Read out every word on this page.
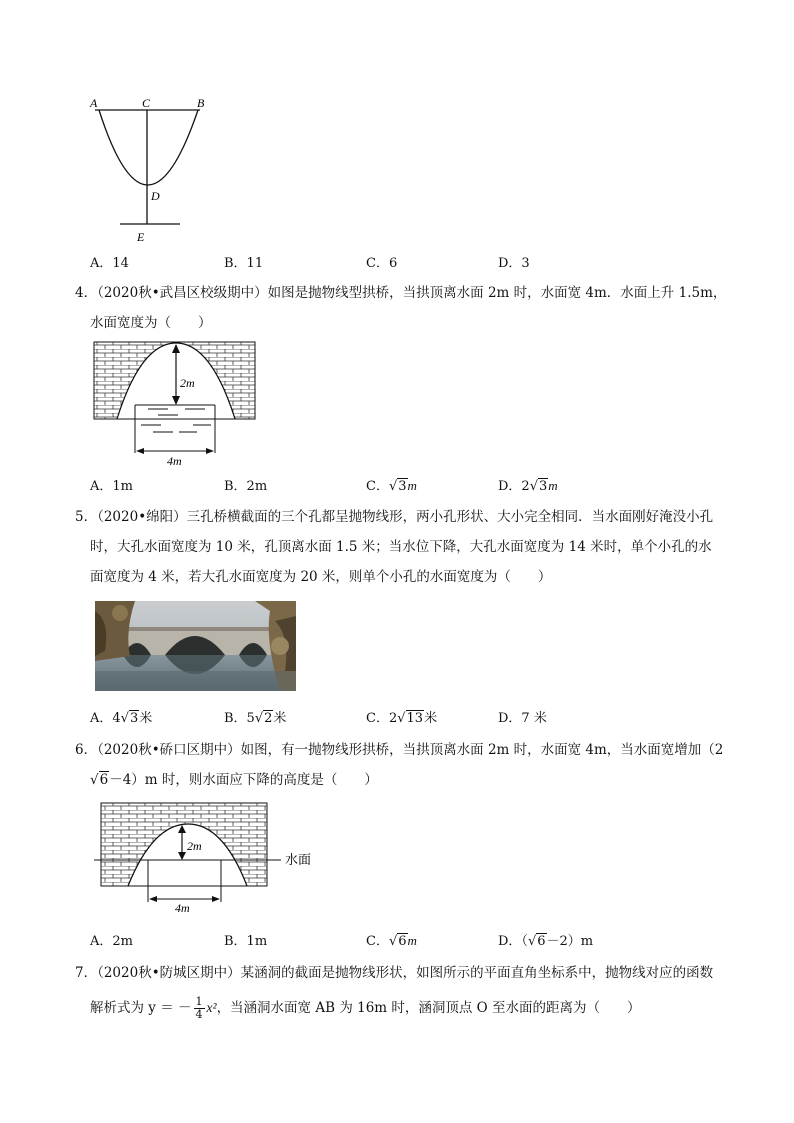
A	C	B
D
E
A．14	B．11	C．6	D．3
4．（2020秋•武昌区校级期中）如图是抛物线型拱桥，当拱顶离水面 2m 时，水面宽 4m．水面上升 1.5m，
水面宽度为（　　）
2m
4m
A．1m	B．2m	C．√3m	D．2√3m
5．（2020•绵阳）三孔桥横截面的三个孔都呈抛物线形，两小孔形状、大小完全相同．当水面刚好淹没小孔
时，大孔水面宽度为 10 米，孔顶离水面 1.5 米；当水位下降，大孔水面宽度为 14 米时，单个小孔的水
面宽度为 4 米，若大孔水面宽度为 20 米，则单个小孔的水面宽度为（　　）
A．4√3米	B．5√2米	C．2√13米	D．7 米
6．（2020秋•硚口区期中）如图，有一抛物线形拱桥，当拱顶离水面 2m 时，水面宽 4m，当水面宽增加（2
√6－4）m 时，则水面应下降的高度是（　　）
2m
4m
水面
A．2m	B．1m	C．√6m	D．（√6－2）m
7．（2020秋•防城区期中）某涵洞的截面是抛物线形状，如图所示的平面直角坐标系中，抛物线对应的函数
解析式为 y ＝ － $\frac{1}{4} x^2$ ，当涵洞水面宽 AB 为 16m 时，涵洞顶点 O 至水面的距离为（　　）
